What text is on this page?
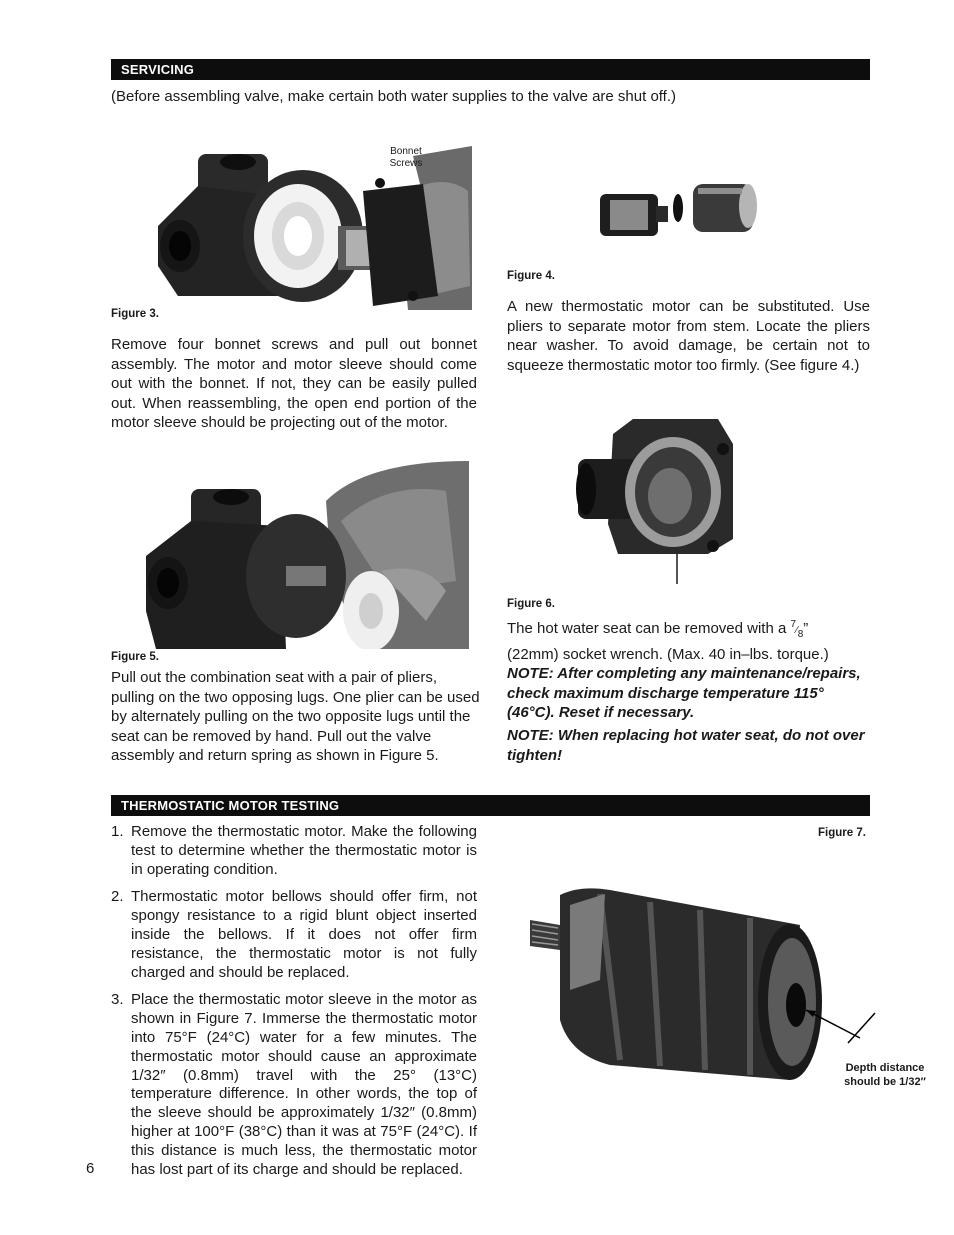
SERVICING

(Before assembling valve, make certain both water supplies to the valve are shut off.)

Bonnet
Screws
Figure 3.

Remove four bonnet screws and pull out bonnet assembly. The motor and motor sleeve should come out with the bonnet. If not, they can be easily pulled out. When reassembling, the open end portion of the motor sleeve should be projecting out of the motor.

Figure 4.

A new thermostatic motor can be substituted. Use pliers to separate motor from stem. Locate the pliers near washer. To avoid damage, be certain not to squeeze thermostatic motor too firmly. (See figure 4.)

Figure 5.

Pull out the combination seat with a pair of pliers, pulling on the two opposing lugs. One plier can be used by alternately pulling on the two opposite lugs until the seat can be removed by hand. Pull out the valve assembly and return spring as shown in Figure 5.

Figure 6.

The hot water seat can be removed with a $^7⁄_8$”
(22mm) socket wrench. (Max. 40 in–lbs. torque.)
NOTE: After completing any maintenance/repairs, check maximum discharge temperature 115° (46°C). Reset if necessary.

NOTE: When replacing hot water seat, do not over tighten!

THERMOSTATIC MOTOR TESTING
1. Remove the thermostatic motor. Make the following test to determine whether the thermostatic motor is in operating condition.
2. Thermostatic motor bellows should offer firm, not spongy resistance to a rigid blunt object inserted inside the bellows. If it does not offer firm resistance, the thermostatic motor is not fully charged and should be replaced.
3. Place the thermostatic motor sleeve in the motor as shown in Figure 7. Immerse the thermostatic motor into 75°F (24°C) water for a few minutes. The thermostatic motor should cause an approximate 1/32″ (0.8mm) travel with the 25° (13°C) temperature difference. In other words, the top of the sleeve should be approximately 1/32″ (0.8mm) higher at 100°F (38°C) than it was at 75°F (24°C). If this distance is much less, the thermostatic motor has lost part of its charge and should be replaced.
Figure 7.
Depth distance
should be 1/32″
6
